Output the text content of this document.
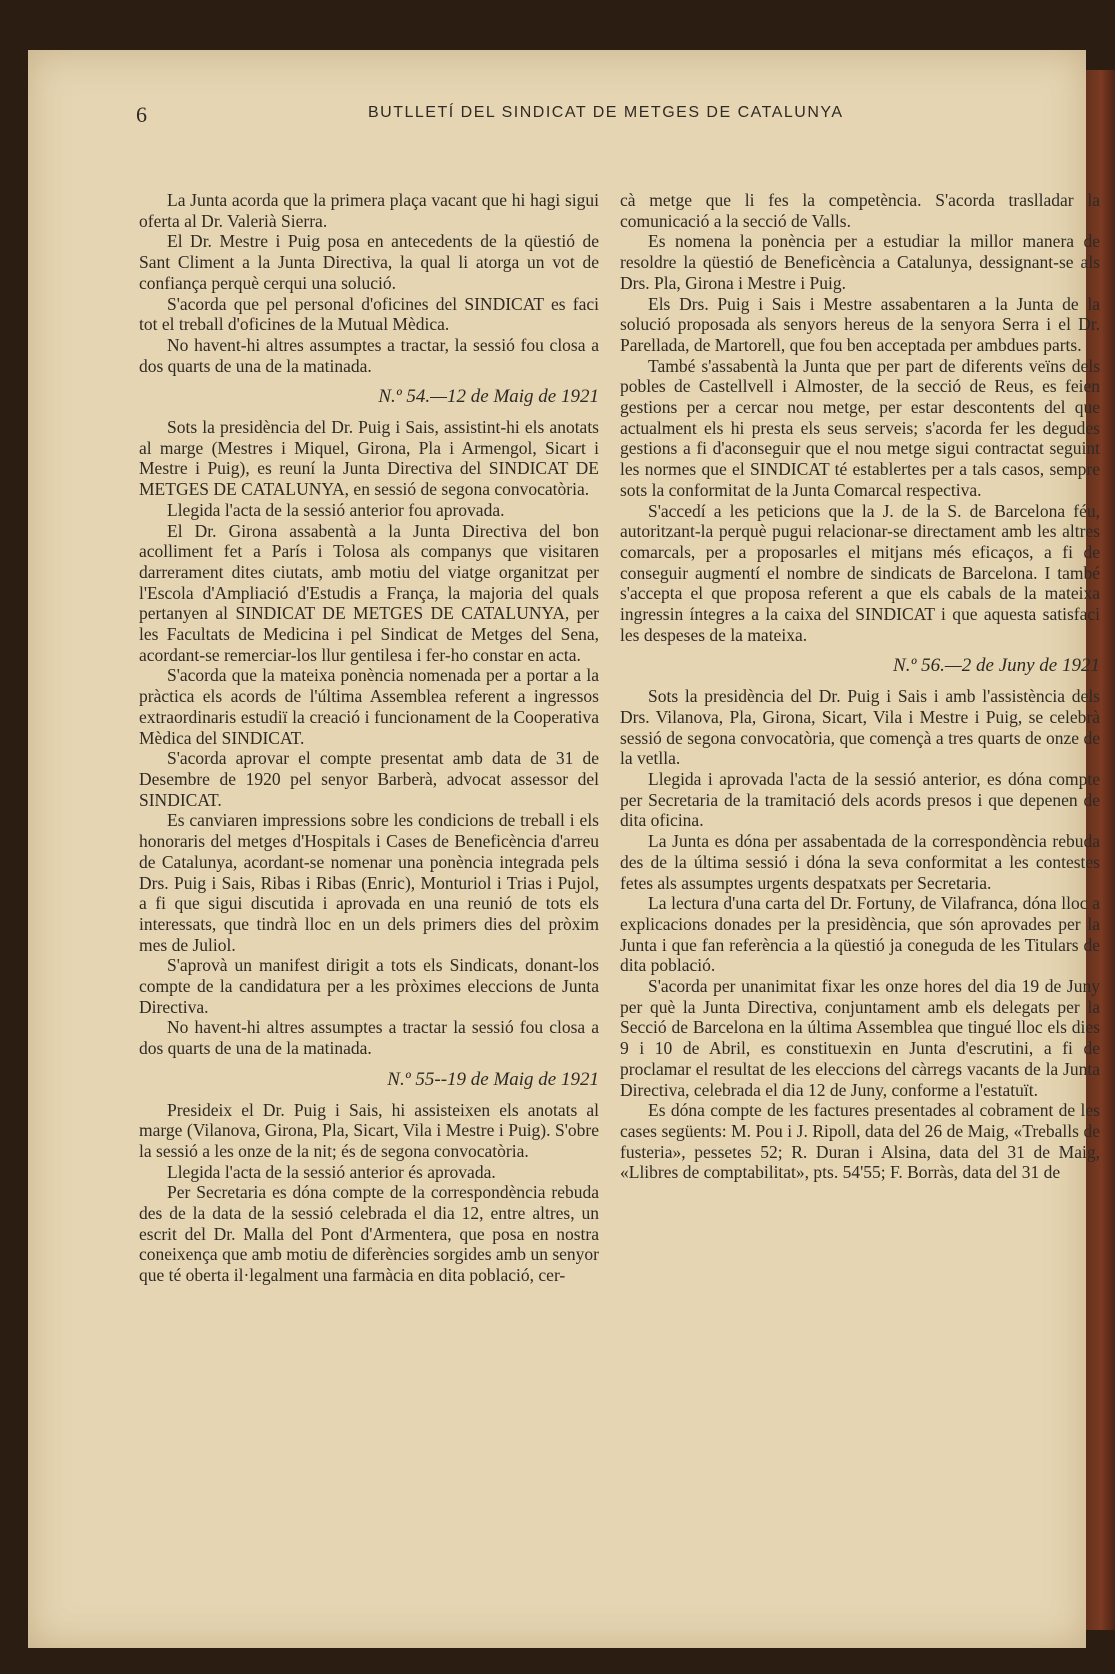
6	BUTLLETÍ DEL SINDICAT DE METGES DE CATALUNYA

La Junta acorda que la primera plaça vacant que hi hagi sigui oferta al Dr. Valerià Sierra.

El Dr. Mestre i Puig posa en antecedents de la qüestió de Sant Climent a la Junta Directiva, la qual li atorga un vot de confiança perquè cerqui una solució.

S'acorda que pel personal d'oficines del SINDICAT es faci tot el treball d'oficines de la Mutual Mèdica.

No havent-hi altres assumptes a tractar, la sessió fou closa a dos quarts de una de la matinada.

N.º 54.—12 de Maig de 1921

Sots la presidència del Dr. Puig i Sais, assistint-hi els anotats al marge (Mestres i Miquel, Girona, Pla i Armengol, Sicart i Mestre i Puig), es reuní la Junta Directiva del SINDICAT DE METGES DE CATALUNYA, en sessió de segona convocatòria.

Llegida l'acta de la sessió anterior fou aprovada.

El Dr. Girona assabentà a la Junta Directiva del bon acolliment fet a París i Tolosa als companys que visitaren darrerament dites ciutats, amb motiu del viatge organitzat per l'Escola d'Ampliació d'Estudis a França, la majoria del quals pertanyen al SINDICAT DE METGES DE CATALUNYA, per les Facultats de Medicina i pel Sindicat de Metges del Sena, acordant-se remerciar-los llur gentilesa i fer-ho constar en acta.

S'acorda que la mateixa ponència nomenada per a portar a la pràctica els acords de l'última Assemblea referent a ingressos extraordinaris estudiï la creació i funcionament de la Cooperativa Mèdica del SINDICAT.

S'acorda aprovar el compte presentat amb data de 31 de Desembre de 1920 pel senyor Barberà, advocat assessor del SINDICAT.

Es canviaren impressions sobre les condicions de treball i els honoraris del metges d'Hospitals i Cases de Beneficència d'arreu de Catalunya, acordant-se nomenar una ponència integrada pels Drs. Puig i Sais, Ribas i Ribas (Enric), Monturiol i Trias i Pujol, a fi que sigui discutida i aprovada en una reunió de tots els interessats, que tindrà lloc en un dels primers dies del pròxim mes de Juliol.

S'aprovà un manifest dirigit a tots els Sindicats, donant-los compte de la candidatura per a les pròximes eleccions de Junta Directiva.

No havent-hi altres assumptes a tractar la sessió fou closa a dos quarts de una de la matinada.

N.º 55--19 de Maig de 1921

Presideix el Dr. Puig i Sais, hi assisteixen els anotats al marge (Vilanova, Girona, Pla, Sicart, Vila i Mestre i Puig). S'obre la sessió a les onze de la nit; és de segona convocatòria.

Llegida l'acta de la sessió anterior és aprovada.

Per Secretaria es dóna compte de la correspondència rebuda des de la data de la sessió celebrada el dia 12, entre altres, un escrit del Dr. Malla del Pont d'Armentera, que posa en nostra coneixença que amb motiu de diferències sorgides amb un senyor que té oberta il·legalment una farmàcia en dita població, cer-

cà metge que li fes la competència. S'acorda traslladar la comunicació a la secció de Valls.

Es nomena la ponència per a estudiar la millor manera de resoldre la qüestió de Beneficència a Catalunya, dessignant-se als Drs. Pla, Girona i Mestre i Puig.

Els Drs. Puig i Sais i Mestre assabentaren a la Junta de la solució proposada als senyors hereus de la senyora Serra i el Dr. Parellada, de Martorell, que fou ben acceptada per ambdues parts.

També s'assabentà la Junta que per part de diferents veïns dels pobles de Castellvell i Almoster, de la secció de Reus, es feien gestions per a cercar nou metge, per estar descontents del que actualment els hi presta els seus serveis; s'acorda fer les degudes gestions a fi d'aconseguir que el nou metge sigui contractat seguint les normes que el SINDICAT té establertes per a tals casos, sempre sots la conformitat de la Junta Comarcal respectiva.

S'accedí a les peticions que la J. de la S. de Barcelona féu, autoritzant-la perquè pugui relacionar-se directament amb les altres comarcals, per a proposarles el mitjans més eficaços, a fi de conseguir augmentí el nombre de sindicats de Barcelona. I també s'accepta el que proposa referent a que els cabals de la mateixa ingressin íntegres a la caixa del SINDICAT i que aquesta satisfaci les despeses de la mateixa.

N.º 56.—2 de Juny de 1921

Sots la presidència del Dr. Puig i Sais i amb l'assistència dels Drs. Vilanova, Pla, Girona, Sicart, Vila i Mestre i Puig, se celebrà sessió de segona convocatòria, que començà a tres quarts de onze de la vetlla.

Llegida i aprovada l'acta de la sessió anterior, es dóna compte per Secretaria de la tramitació dels acords presos i que depenen de dita oficina.

La Junta es dóna per assabentada de la correspondència rebuda des de la última sessió i dóna la seva conformitat a les contestes fetes als assumptes urgents despatxats per Secretaria.

La lectura d'una carta del Dr. Fortuny, de Vilafranca, dóna lloc a explicacions donades per la presidència, que són aprovades per la Junta i que fan referència a la qüestió ja coneguda de les Titulars de dita població.

S'acorda per unanimitat fixar les onze hores del dia 19 de Juny per què la Junta Directiva, conjuntament amb els delegats per la Secció de Barcelona en la última Assemblea que tingué lloc els dies 9 i 10 de Abril, es constituexin en Junta d'escrutini, a fi de proclamar el resultat de les eleccions del càrregs vacants de la Junta Directiva, celebrada el dia 12 de Juny, conforme a l'estatuït.

Es dóna compte de les factures presentades al cobrament de les cases següents: M. Pou i J. Ripoll, data del 26 de Maig, «Treballs de fusteria», pessetes 52; R. Duran i Alsina, data del 31 de Maig, «Llibres de comptabilitat», pts. 54'55; F. Borràs, data del 31 de
